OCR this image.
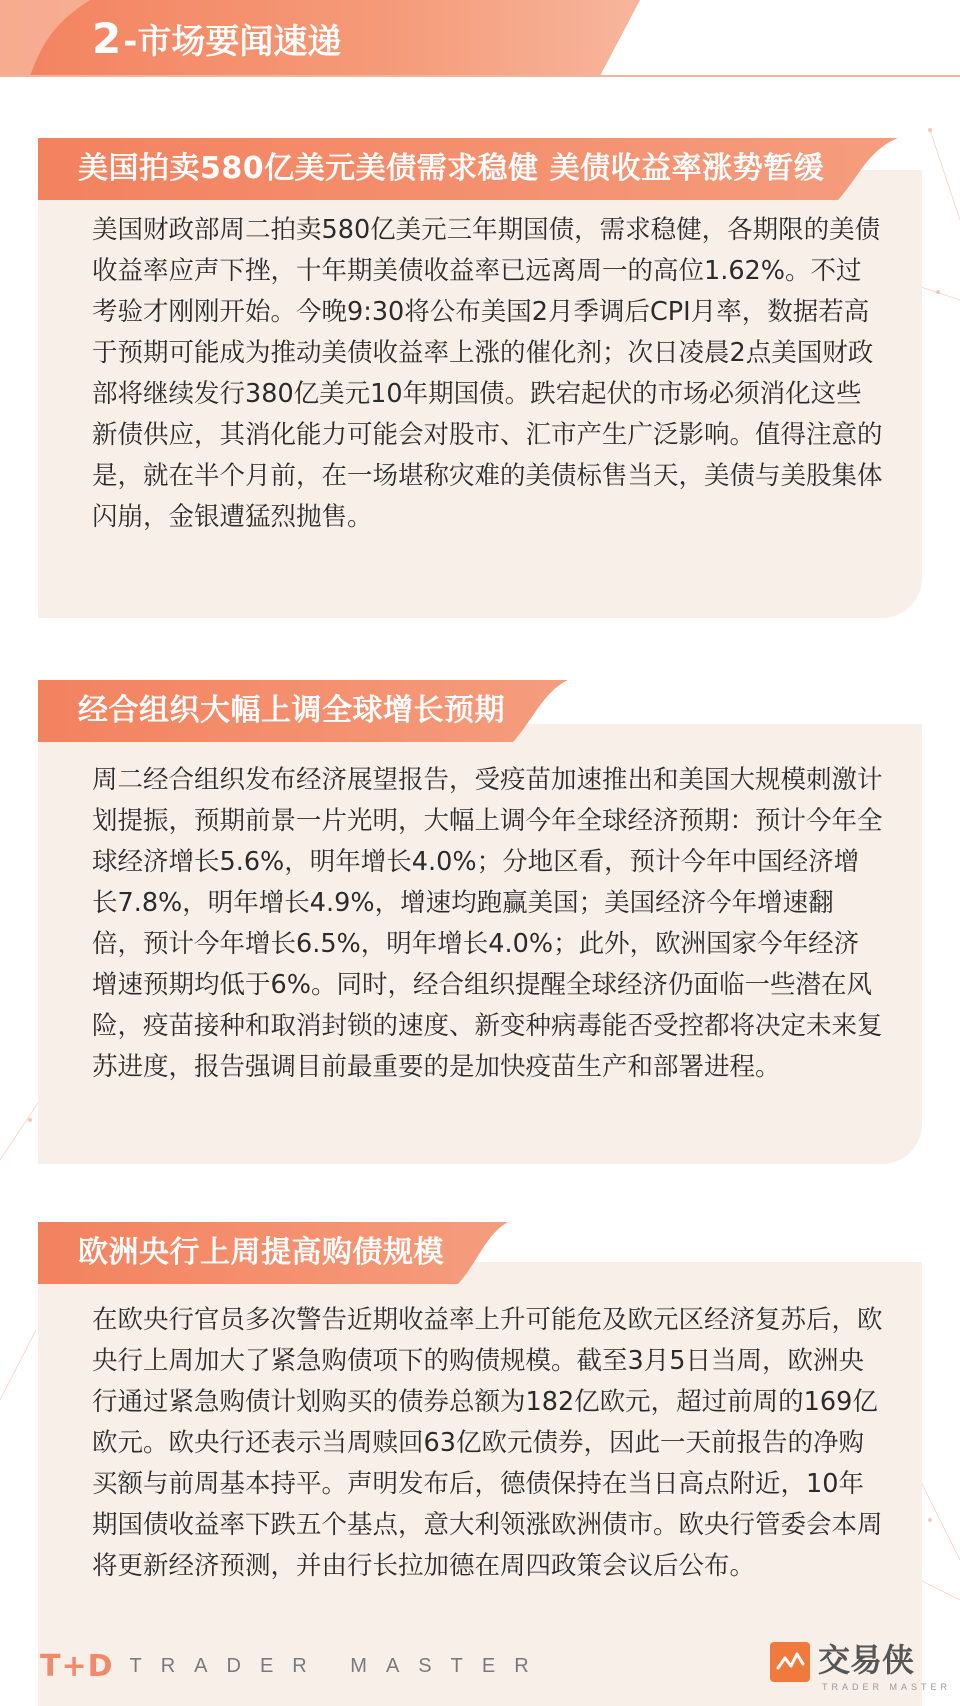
2 -市场要闻速递

美国财政部周二拍卖580亿美元三年期国债，需求稳健，各期限的美债收益率应声下挫，十年期美债收益率已远离周一的高位1.62%。不过考验才刚刚开始。今晚9:30将公布美国2月季调后CPI月率，数据若高于预期可能成为推动美债收益率上涨的催化剂；次日凌晨2点美国财政部将继续发行380亿美元10年期国债。跌宕起伏的市场必须消化这些新债供应，其消化能力可能会对股市、汇市产生广泛影响。值得注意的是，就在半个月前，在一场堪称灾难的美债标售当天，美债与美股集体闪崩，金银遭猛烈抛售。

美国拍卖580亿美元美债需求稳健 美债收益率涨势暂缓

周二经合组织发布经济展望报告，受疫苗加速推出和美国大规模刺激计划提振，预期前景一片光明，大幅上调今年全球经济预期：预计今年全球经济增长5.6%，明年增长4.0%；分地区看，预计今年中国经济增长7.8%，明年增长4.9%，增速均跑赢美国；美国经济今年增速翻倍，预计今年增长6.5%，明年增长4.0%；此外，欧洲国家今年经济增速预期均低于6%。同时，经合组织提醒全球经济仍面临一些潜在风险，疫苗接种和取消封锁的速度、新变种病毒能否受控都将决定未来复苏进度，报告强调目前最重要的是加快疫苗生产和部署进程。

经合组织大幅上调全球增长预期

在欧央行官员多次警告近期收益率上升可能危及欧元区经济复苏后，欧央行上周加大了紧急购债项下的购债规模。截至3月5日当周，欧洲央行通过紧急购债计划购买的债券总额为182亿欧元，超过前周的169亿欧元。欧央行还表示当周赎回63亿欧元债券，因此一天前报告的净购买额与前周基本持平。声明发布后，德债保持在当日高点附近，10年期国债收益率下跌五个基点，意大利领涨欧洲债市。欧央行管委会本周将更新经济预测，并由行长拉加德在周四政策会议后公布。

欧洲央行上周提高购债规模
T+D TRADER MASTER	交易侠
TRADER MASTER
